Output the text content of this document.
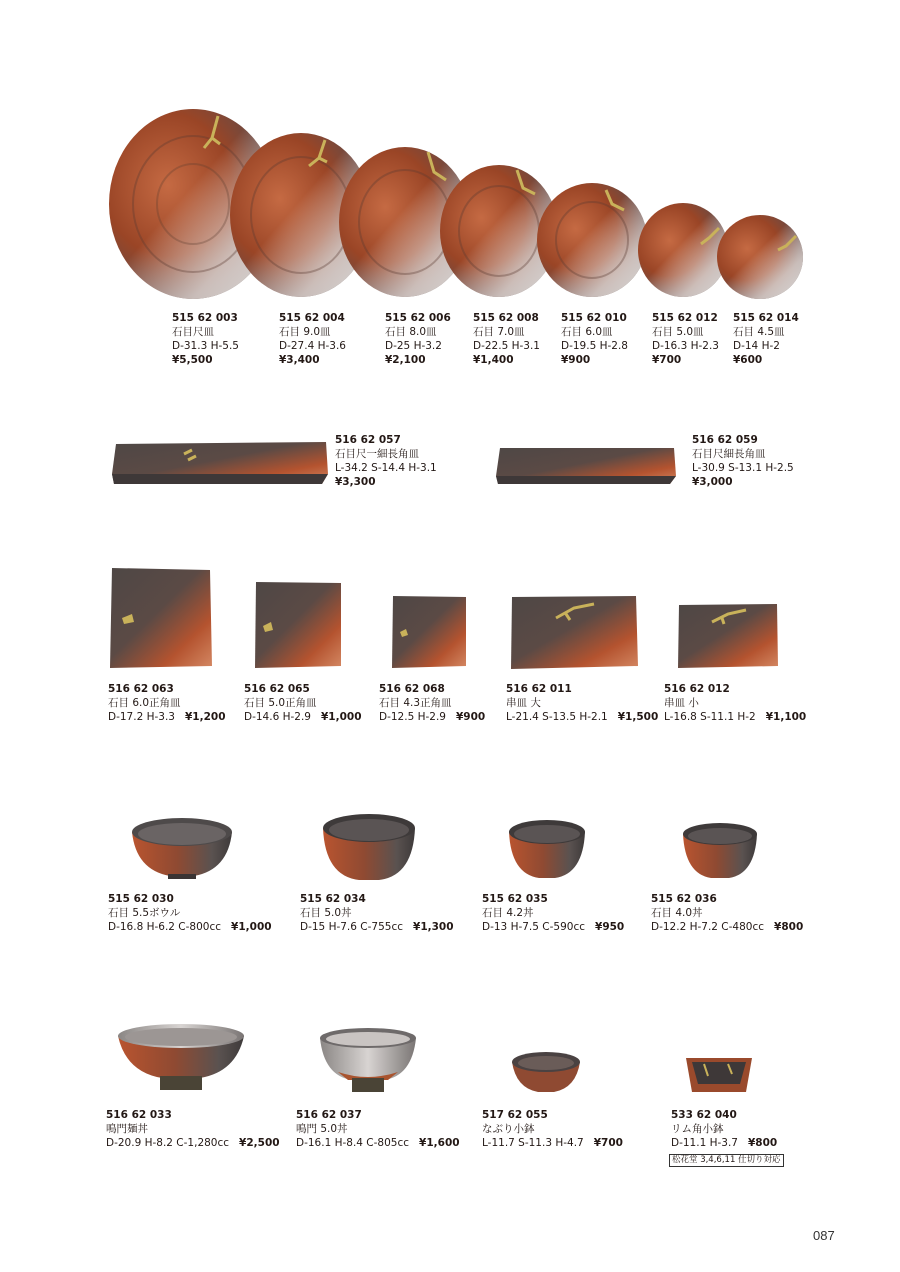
515 62 003
石目尺皿
D-31.3 H-5.5
¥5,500
515 62 004
石目 9.0皿
D-27.4 H-3.6
¥3,400
515 62 006
石目 8.0皿
D-25 H-3.2
¥2,100
515 62 008
石目 7.0皿
D-22.5 H-3.1
¥1,400
515 62 010
石目 6.0皿
D-19.5 H-2.8
¥900
515 62 012
石目 5.0皿
D-16.3 H-2.3
¥700
515 62 014
石目 4.5皿
D-14 H-2
¥600
516 62 057
石目尺一細長角皿
L-34.2 S-14.4 H-3.1
¥3,300
516 62 059
石目尺細長角皿
L-30.9 S-13.1 H-2.5
¥3,000
516 62 063
石目 6.0正角皿
D-17.2 H-3.3 ¥1,200
516 62 065
石目 5.0正角皿
D-14.6 H-2.9 ¥1,000
516 62 068
石目 4.3正角皿
D-12.5 H-2.9 ¥900
516 62 011
串皿 大
L-21.4 S-13.5 H-2.1 ¥1,500
516 62 012
串皿 小
L-16.8 S-11.1 H-2 ¥1,100
515 62 030
石目 5.5ボウル
D-16.8 H-6.2 C-800cc ¥1,000
515 62 034
石目 5.0丼
D-15 H-7.6 C-755cc ¥1,300
515 62 035
石目 4.2丼
D-13 H-7.5 C-590cc ¥950
515 62 036
石目 4.0丼
D-12.2 H-7.2 C-480cc ¥800
516 62 033
鳴門麺丼
D-20.9 H-8.2 C-1,280cc ¥2,500
516 62 037
鳴門 5.0丼
D-16.1 H-8.4 C-805cc ¥1,600
517 62 055
なぶり小鉢
L-11.7 S-11.3 H-4.7 ¥700
533 62 040
リム角小鉢
D-11.1 H-3.7 ¥800
松花堂 3,4,6,11 仕切り対応
087
